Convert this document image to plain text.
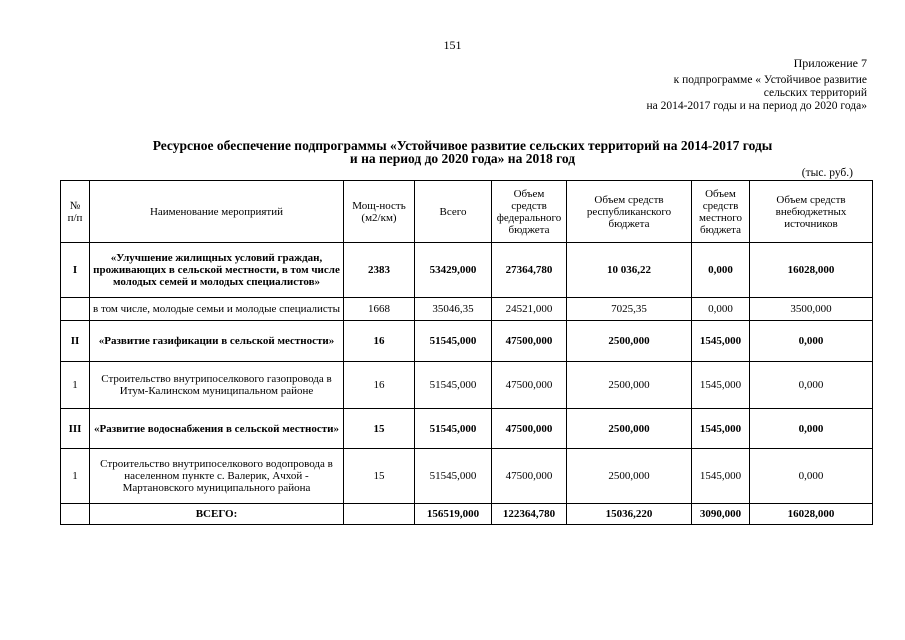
151
Приложение 7
к подпрограмме « Устойчивое развитие
сельских территорий
на 2014-2017 годы и на период до 2020 года»
Ресурсное обеспечение подпрограммы «Устойчивое развитие сельских территорий на 2014-2017 годы
и на период до 2020 года» на 2018 год
(тыс. руб.)
№ п/п	Наименование мероприятий	Мощ-ность (м2/км)	Всего	Объем средств федерального бюджета	Объем средств республиканского бюджета	Объем средств местного бюджета	Объем средств внебюджетных источников
I	«Улучшение жилищных условий граждан, проживающих в сельской местности, в том числе молодых семей и молодых специалистов»	2383	53429,000	27364,780	10 036,22	0,000	16028,000
	в том числе, молодые семьи и молодые специалисты	1668	35046,35	24521,000	7025,35	0,000	3500,000
II	«Развитие газификации в сельской местности»	16	51545,000	47500,000	2500,000	1545,000	0,000
1	Строительство внутрипоселкового газопровода в Итум-Калинском муниципальном районе	16	51545,000	47500,000	2500,000	1545,000	0,000
III	«Развитие водоснабжения в сельской местности»	15	51545,000	47500,000	2500,000	1545,000	0,000
1	Строительство внутрипоселкового водопровода в населенном пункте с. Валерик, Ачхой - Мартановского муниципального района	15	51545,000	47500,000	2500,000	1545,000	0,000
	ВСЕГО:		156519,000	122364,780	15036,220	3090,000	16028,000
